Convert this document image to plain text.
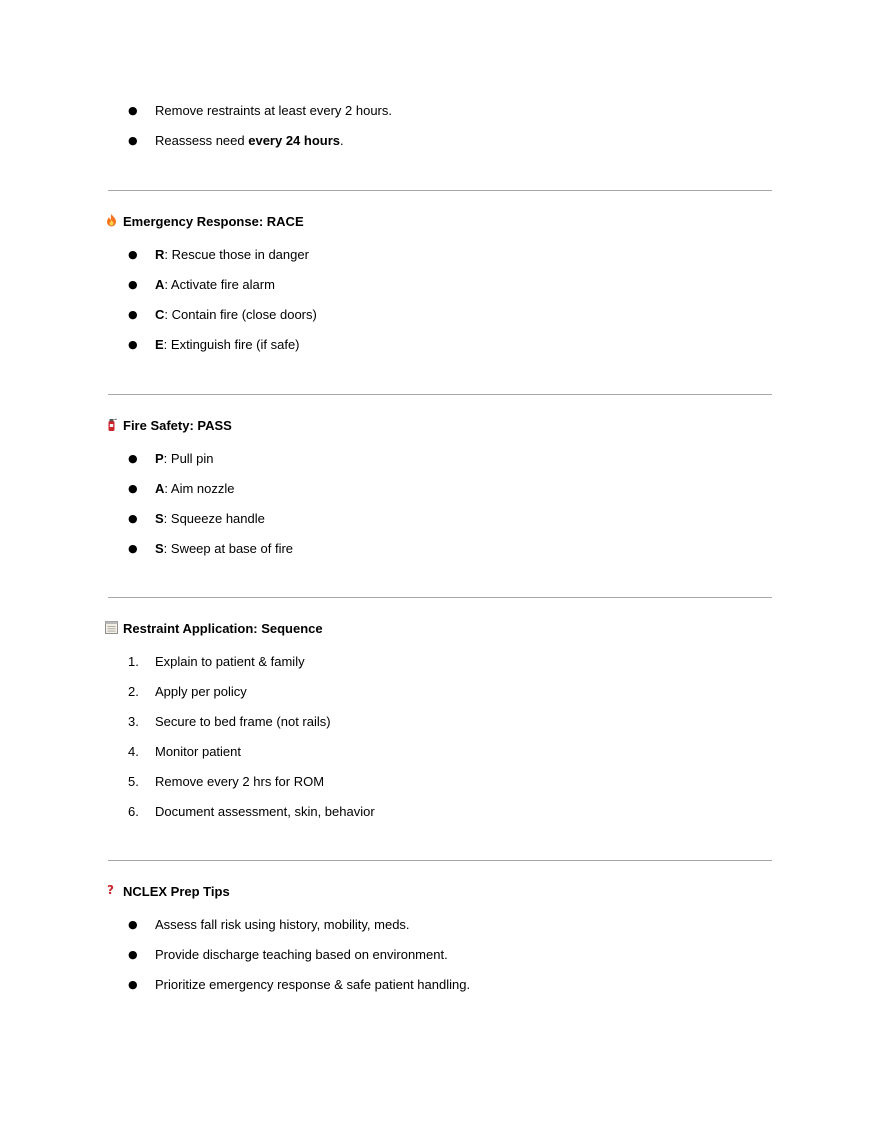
●	Remove restraints at least every 2 hours.
●	Reassess need every 24 hours.
Emergency Response: RACE
●	R: Rescue those in danger
●	A: Activate fire alarm
●	C: Contain fire (close doors)
●	E: Extinguish fire (if safe)
Fire Safety: PASS
●	P: Pull pin
●	A: Aim nozzle
●	S: Squeeze handle
●	S: Sweep at base of fire
Restraint Application: Sequence
1.	Explain to patient & family
2.	Apply per policy
3.	Secure to bed frame (not rails)
4.	Monitor patient
5.	Remove every 2 hrs for ROM
6.	Document assessment, skin, behavior
? NCLEX Prep Tips
●	Assess fall risk using history, mobility, meds.
●	Provide discharge teaching based on environment.
●	Prioritize emergency response & safe patient handling.
